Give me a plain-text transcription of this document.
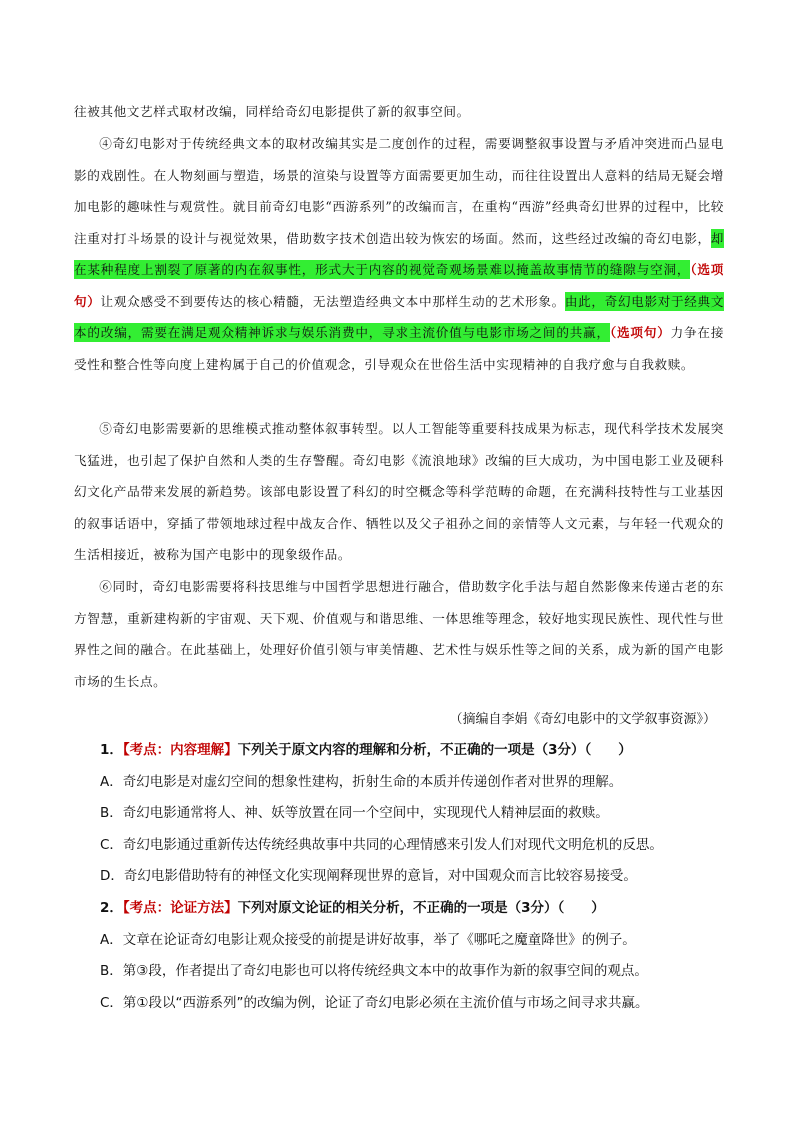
往被其他文艺样式取材改编，同样给奇幻电影提供了新的叙事空间。

④奇幻电影对于传统经典文本的取材改编其实是二度创作的过程，需要调整叙事设置与矛盾冲突进而凸显电影的戏剧性。在人物刻画与塑造，场景的渲染与设置等方面需要更加生动，而往往设置出人意料的结局无疑会增加电影的趣味性与观赏性。就目前奇幻电影“西游系列”的改编而言，在重构“西游”经典奇幻世界的过程中，比较注重对打斗场景的设计与视觉效果，借助数字技术创造出较为恢宏的场面。然而，这些经过改编的奇幻电影，却在某种程度上割裂了原著的内在叙事性，形式大于内容的视觉奇观场景难以掩盖故事情节的缝隙与空洞，（选项句）让观众感受不到要传达的核心精髓，无法塑造经典文本中那样生动的艺术形象。由此，奇幻电影对于经典文本的改编，需要在满足观众精神诉求与娱乐消费中，寻求主流价值与电影市场之间的共赢，（选项句）力争在接受性和整合性等向度上建构属于自己的价值观念，引导观众在世俗生活中实现精神的自我疗愈与自我救赎。

⑤奇幻电影需要新的思维模式推动整体叙事转型。以人工智能等重要科技成果为标志，现代科学技术发展突飞猛进，也引起了保护自然和人类的生存警醒。奇幻电影《流浪地球》改编的巨大成功，为中国电影工业及硬科幻文化产品带来发展的新趋势。该部电影设置了科幻的时空概念等科学范畴的命题，在充满科技特性与工业基因的叙事话语中，穿插了带领地球过程中战友合作、牺牲以及父子祖孙之间的亲情等人文元素，与年轻一代观众的生活相接近，被称为国产电影中的现象级作品。

⑥同时，奇幻电影需要将科技思维与中国哲学思想进行融合，借助数字化手法与超自然影像来传递古老的东方智慧，重新建构新的宇宙观、天下观、价值观与和谐思维、一体思维等理念，较好地实现民族性、现代性与世界性之间的融合。在此基础上，处理好价值引领与审美情趣、艺术性与娱乐性等之间的关系，成为新的国产电影市场的生长点。

（摘编自李娟《奇幻电影中的文学叙事资源》）
1．【考点：内容理解】下列关于原文内容的理解和分析，不正确的一项是（3分）（　　）
A．奇幻电影是对虚幻空间的想象性建构，折射生命的本质并传递创作者对世界的理解。
B．奇幻电影通常将人、神、妖等放置在同一个空间中，实现现代人精神层面的救赎。
C．奇幻电影通过重新传达传统经典故事中共同的心理情感来引发人们对现代文明危机的反思。
D．奇幻电影借助特有的神怪文化实现阐释现世界的意旨，对中国观众而言比较容易接受。
2．【考点：论证方法】下列对原文论证的相关分析，不正确的一项是（3分）（　　）
A．文章在论证奇幻电影让观众接受的前提是讲好故事，举了《哪吒之魔童降世》的例子。
B．第③段，作者提出了奇幻电影也可以将传统经典文本中的故事作为新的叙事空间的观点。
C．第①段以“西游系列”的改编为例，论证了奇幻电影必须在主流价值与市场之间寻求共赢。
